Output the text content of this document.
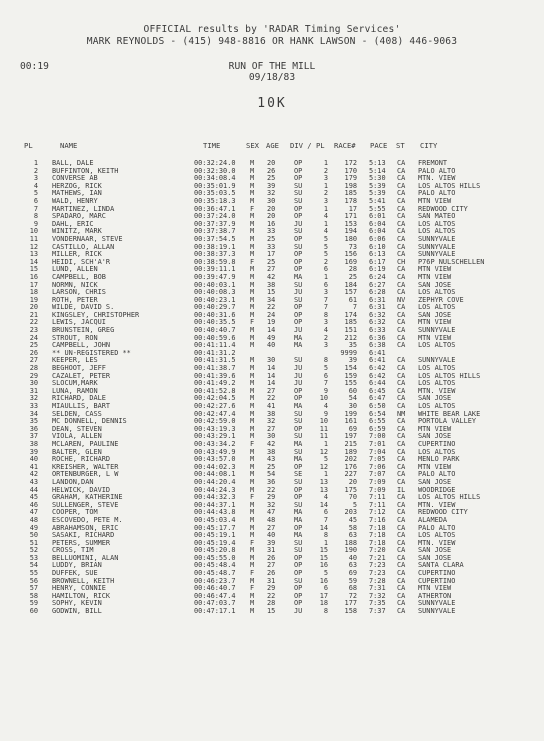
OFFICIAL results by 'RADAR Timing Services'
MARK REYNOLDS - (415) 948-8816 OR HANK LAWSON - (408) 446-9063
00:19	RUN OF THE MILL
09/18/83
10K
PL	NAME	TIME	SEX AGE DIV / PL RACE# PACE ST CITY
1 BALL, DALE	00:32:24.0 M 20	OP	1	172 5:13 CA FREMONT
2 BUFFINTON, KEITH	00:32:30.0 M 26	OP	2	170 5:14 CA PALO ALTO
3 CONVERSE AB	00:34:08.4 M 25	OP	3	179 5:30 CA MTN. VIEW
4 HERZOG, RICK	00:35:01.9 M 39	SU	1	198 5:39 CA LOS ALTOS HILLS
5 MATHEWS, IAN	00:35:03.5 M 32	SU	2	185 5:39 CA PALO ALTO
6 WALD, HENRY	00:35:18.3 M 30	SU	3	178 5:41 CA MTN VIEW
7 MARTINEZ, LINDA	00:36:47.1 F 20	OP	1	17 5:55 CA REDWOOD CITY
8 SPADARO, MARC	00:37:24.0 M 20	OP	4	171 6:01 CA SAN MATEO
9 DAHL, ERIC	00:37:37.9 M 16	JU	1	153 6:04 CA LOS ALTOS
10 WINITZ, MARK	00:37:38.7 M 33	SU	4	194 6:04 CA LOS ALTOS
11 VONDERNAAR, STEVE	00:37:54.5 M 25	OP	5	180 6:06 CA SUNNYVALE
12 CASTILLO, ALLAN	00:38:19.1 M 33	SU	5	73 6:10 CA SUNNYVALE
13 MILLER, RICK	00:38:37.3 M 17	OP	5	156 6:13 CA SUNNYVALE
14 HEIDI, SCH'A'R	00:38:59.8 F 25	OP	2	169 6:17 CH P76P NULSCHELLEN
15 LUND, ALLEN	00:39:11.1 M 27	OP	6	28 6:19 CA MTN VIEW
16 CAMPBELL, BOB	00:39:47.9 M 42	MA	1	25 6:24 CA MTN VIEW
17 NORMN, NICK	00:40:03.1 M 38	SU	6	184 6:27 CA SAN JOSE
18 LARSON, CHRIS	00:40:08.3 M 15	JU	3	157 6:28 CA LOS ALTOS
19 ROTH, PETER	00:40:23.1 M 34	SU	7	61 6:31 NV ZEPHYR COVE
20 WILDE, DAVID S.	00:40:29.7 M 22	OP	7	7 6:31 CA LOS ALTOS
21 KINGSLEY, CHRISTOPHER	00:40:31.6 M 24	OP	8	174 6:32 CA SAN JOSE
22 LEWIS, JACQUI	00:40:35.5 F 19	OP	3	185 6:32 CA MTN VIEW
23 BRUNSTEIN, GREG	00:40:40.7 M 14	JU	4	151 6:33 CA SUNNYVALE
24 STROUT, RON	00:40:59.6 M 49	MA	2	212 6:36 CA MTN VIEW
25 CAMPBELL, JOHN	00:41:11.4 M 40	MA	3	35 6:38 CA LOS ALTOS
26 ** UN-REGISTERED **	00:41:31.2	9999 6:41
27 KEEPER, LES	00:41:31.5 M 30	SU	8	39 6:41 CA SUNNYVALE
28 BEGHOOT, JEFF	00:41:38.7 M 14	JU	5	154 6:42 CA LOS ALTOS
29 CAZALET, PETER	00:41:39.6 M 14	JU	6	159 6:42 CA LOS ALTOS HILLS
30 SLOCUM,MARK	00:41:49.2 M 14	JU	7	155 6:44 CA LOS ALTOS
31 LUNA, RAMON	00:41:52.8 M 27	OP	9	60 6:45 CA MTN. VIEW
32 RICHARD, DALE	00:42:04.5 M 22	OP	10	54 6:47 CA SAN JOSE
33 MIAULLIS, BART	00:42:27.6 M 41	MA	4	30 6:50 CA LOS ALTOS
34 SELDEN, CASS	00:42:47.4 M 38	SU	9	199 6:54 NM WHITE BEAR LAKE
35 MC DONNELL, DENNIS	00:42:59.0 M 32	SU	10	161 6:55 CA PORTOLA VALLEY
36 DEAN, STEVEN	00:43:19.3 M 27	OP	11	69 6:59 CA MTN VIEW
37 VIOLA, ALLEN	00:43:29.1 M 30	SU	11	197 7:00 CA SAN JOSE
38 MCLAREN, PAULINE	00:43:34.2 F 42	MA	1	215 7:01 CA CUPERTINO
39 BALTER, GLEN	00:43:49.9 M 38	SU	12	189 7:04 CA LOS ALTOS
40 ROCHE, RICHARD	00:43:57.0 M 43	MA	5	202 7:05 CA MENLO PARK
41 KREISHER, WALTER	00:44:02.3 M 25	OP	12	176 7:06 CA MTN VIEW
42 ORTENBURGER, L W	00:44:08.1 M 54	SE	1	227 7:07 CA PALO ALTO
43 LANDON,DAN	00:44:20.4 M 36	SU	13	20 7:09 CA SAN JOSE
44 HELWICK, DAVID	00:44:24.3 M 22	OP	13	175 7:09 IL WOODRIDGE
45 GRAHAM, KATHERINE	00:44:32.3 F 29	OP	4	70 7:11 CA LOS ALTOS HILLS
46 SULLENGER, STEVE	00:44:37.1 M 32	SU	14	5 7:11 CA MTN. VIEW
47 COOPER, TOM	00:44:43.8 M 47	MA	6	203 7:12 CA REDWOOD CITY
48 ESCOVEDO, PETE M.	00:45:03.4 M 48	MA	7	45 7:16 CA ALAMEDA
49 ABRAHAMSON, ERIC	00:45:17.7 M 27	OP	14	58 7:18 CA PALO ALTO
50 SASAKI, RICHARD	00:45:19.1 M 40	MA	8	63 7:18 CA LOS ALTOS
51 PETERS, SUMMER	00:45:19.4 F 39	SU	1	188 7:18 CA MTN. VIEW
52 CROSS, TIM	00:45:20.8 M 31	SU	15	190 7:20 CA SAN JOSE
53 BELLUOMINI, ALAN	00:45:55.0 M 26	OP	15	40 7:21 CA SAN JOSE
54 LUDDY, BRIAN	00:45:48.4 M 27	OP	16	63 7:23 CA SANTA CLARA
55 DUFFEK, SUE	00:45:48.7 F 26	OP	5	69 7:23 CA CUPERTINO
56 BROWNELL, KEITH	00:46:23.7 M 31	SU	16	59 7:28 CA CUPERTINO
57 HENRY, CONNIE	00:46:40.7 F 29	OP	6	68 7:31 CA MTN VIEW
58 HAMILTON, RICK	00:46:47.4 M 22	OP	17	72 7:32 CA ATHERTON
59 SOPHY, KEVIN	00:47:03.7 M 28	OP	18	177 7:35 CA SUNNYVALE
60 GODWIN, BILL	00:47:17.1 M 15	JU	8	158 7:37 CA SUNNYVALE
